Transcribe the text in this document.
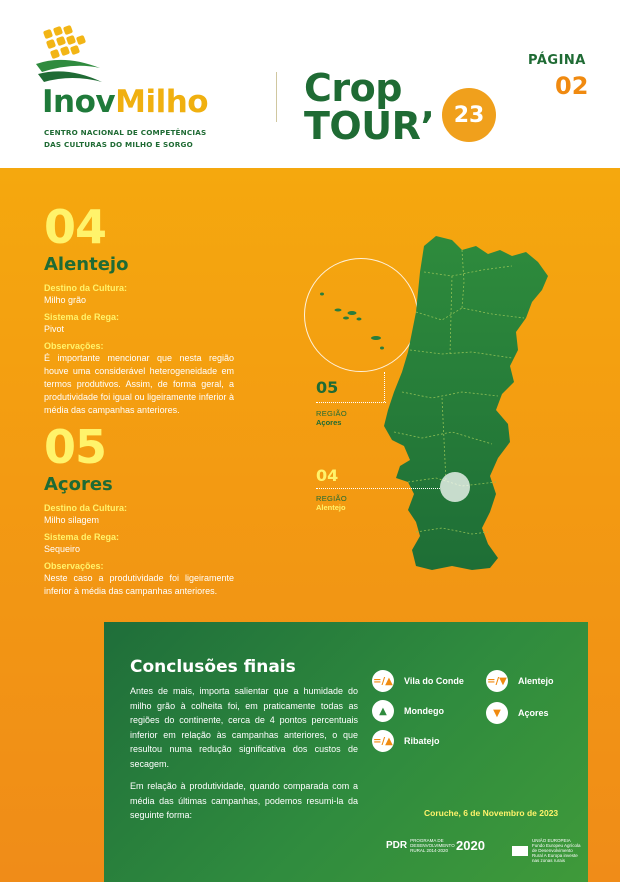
InovMilho
CENTRO NACIONAL DE COMPETÊNCIAS
DAS CULTURAS DO MILHO E SORGO
Crop
TOUR’ 23
PÁGINA
02
04
Alentejo
Destino da Cultura:
Milho grão
Sistema de Rega:
Pivot
Observações:
É importante mencionar que nesta região houve uma considerável heterogeneidade em termos produtivos. Assim, de forma geral, a produtividade foi igual ou ligeiramente inferior à média das campanhas anteriores.
05
Açores
Destino da Cultura:
Milho silagem
Sistema de Rega:
Sequeiro
Observações:
Neste caso a produtividade foi ligeiramente inferior à média das campanhas anteriores.
05
REGIÃO
Açores
04
REGIÃO
Alentejo
Conclusões finais

Antes de mais, importa salientar que a humidade do milho grão à colheita foi, em praticamente todas as regiões do continente, cerca de 4 pontos percentuais inferior em relação às campanhas anteriores, o que resultou numa redução significativa dos custos de secagem.

Em relação à produtividade, quando comparada com a média das últimas campanhas, podemos resumi-la da seguinte forma:

=/▲ Vila do Conde
▲	Mondego
=/▲ Ribatejo
=/▼ Alentejo
▼	Açores
Coruche, 6 de Novembro de 2023
PDR PROGRAMA DE DESENVOLVIMENTO RURAL 2014-2020 2020	UNIÃO EUROPEIA Fundo Europeu Agrícola de Desenvolvimento Rural A Europa investe nas zonas rurais
